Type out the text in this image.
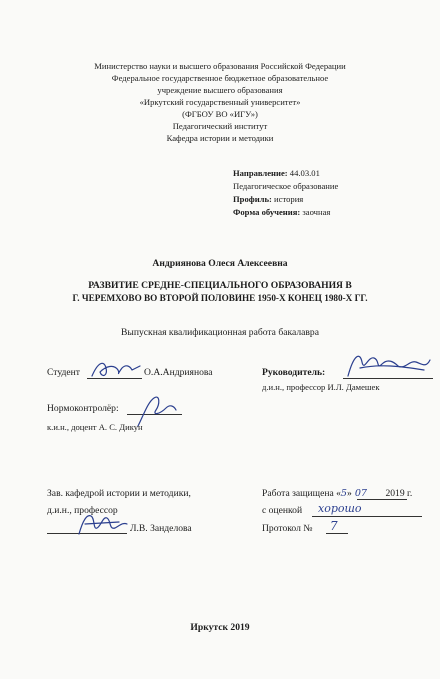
Министерство науки и высшего образования Российской Федерации
Федеральное государственное бюджетное образовательное
учреждение высшего образования
«Иркутский государственный университет»
(ФГБОУ ВО «ИГУ»)
Педагогический институт
Кафедра истории и методики
Направление: 44.03.01
Педагогическое образование
Профиль: история
Форма обучения: заочная
Андриянова Олеся Алексеевна
РАЗВИТИЕ СРЕДНЕ-СПЕЦИАЛЬНОГО ОБРАЗОВАНИЯ В
Г. ЧЕРЕМХОВО ВО ВТОРОЙ ПОЛОВИНЕ 1950-Х КОНЕЦ 1980-Х ГГ.
Выпускная квалификационная работа бакалавра
Студент	О.А.Андриянова	Руководитель:
д.и.н., профессор И.Л. Дамешек
Нормоконтролёр:
к.и.н., доцент А. С. Дикун
Зав. кафедрой истории и методики,
д.и.н., профессор
Л.В. Занделова
Работа защищена «5» 07 2019 г.
с оценкой хорошо
Протокол № 7
Иркутск 2019
